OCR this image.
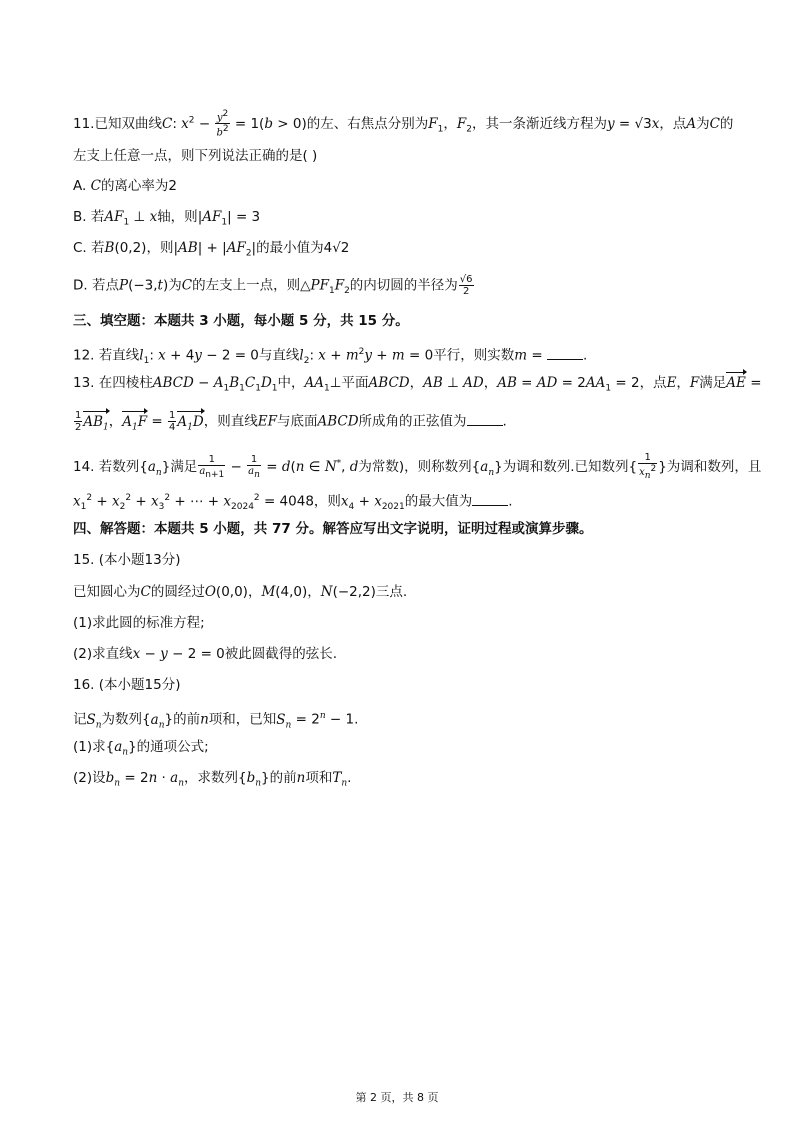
11.已知双曲线C: $x^2 - \frac{y^2}{b^2} = 1(b > 0)$的左、右焦点分别为$F_1$，$F_2$，其一条渐近线方程为y = √3x，点A为C的
左支上任意一点，则下列说法正确的是( )
A. C的离心率为2
B. 若$AF_1$ ⊥ x轴，则$|AF_1| = 3$
C. 若B(0,2)，则$|AB| + |AF_2|$的最小值为4√2
D. 若点P(−3,t)为C的左支上一点，则$\triangle PF_1F_2$的内切圆的半径为 $\frac{√6}{2}$
三、填空题：本题共 3 小题，每小题 5 分，共 15 分。
12. 若直线$l_1$: x + 4y − 2 = 0与直线$l_2$: $x + m^2y + m = 0$平行，则实数m =	.
13. 在四棱柱ABCD − $A_1B_1C_1D_1$中，$AA_1\perp$平面ABCD，AB ⊥ AD，AB = AD = $2AA_1 = 2$，点E，F满足AE =
$\frac{1}{2} AB_1$，$A_1F = \frac{1}{4} A_1D$，则直线EF与底面ABCD所成角的正弦值为	.
14. 若数列$\{a_n\}$满足 $\frac{1}{a_{n+1}} - \frac{1}{a_n} = d(n$ ∈ N*, d为常数)，则称数列$\{a_n\}$为调和数列.已知数列{ $\frac{1}{x_n^2}$ }为调和数列，且
$x_1^2 + x_2^2 + x_3^2$ + ⋯ + $x_{2024}^2 = 4048$，则$x_4 + x_{2021}$的最大值为	.
四、解答题：本题共 5 小题，共 77 分。解答应写出文字说明，证明过程或演算步骤。
15. (本小题13分)
已知圆心为C的圆经过O(0,0)，M(4,0)，N(−2,2)三点.
(1)求此圆的标准方程;
(2)求直线x − y − 2 = 0被此圆截得的弦长.
16. (本小题15分)
记$S_n$为数列$\{a_n\}$的前n项和，已知$S_n = 2^n - 1$.
(1)求$\{a_n\}$的通项公式;
(2)设$b_n = 2n \cdot a_n$，求数列$\{b_n\}$的前n项和$T_n$.
第 2 页，共 8 页
